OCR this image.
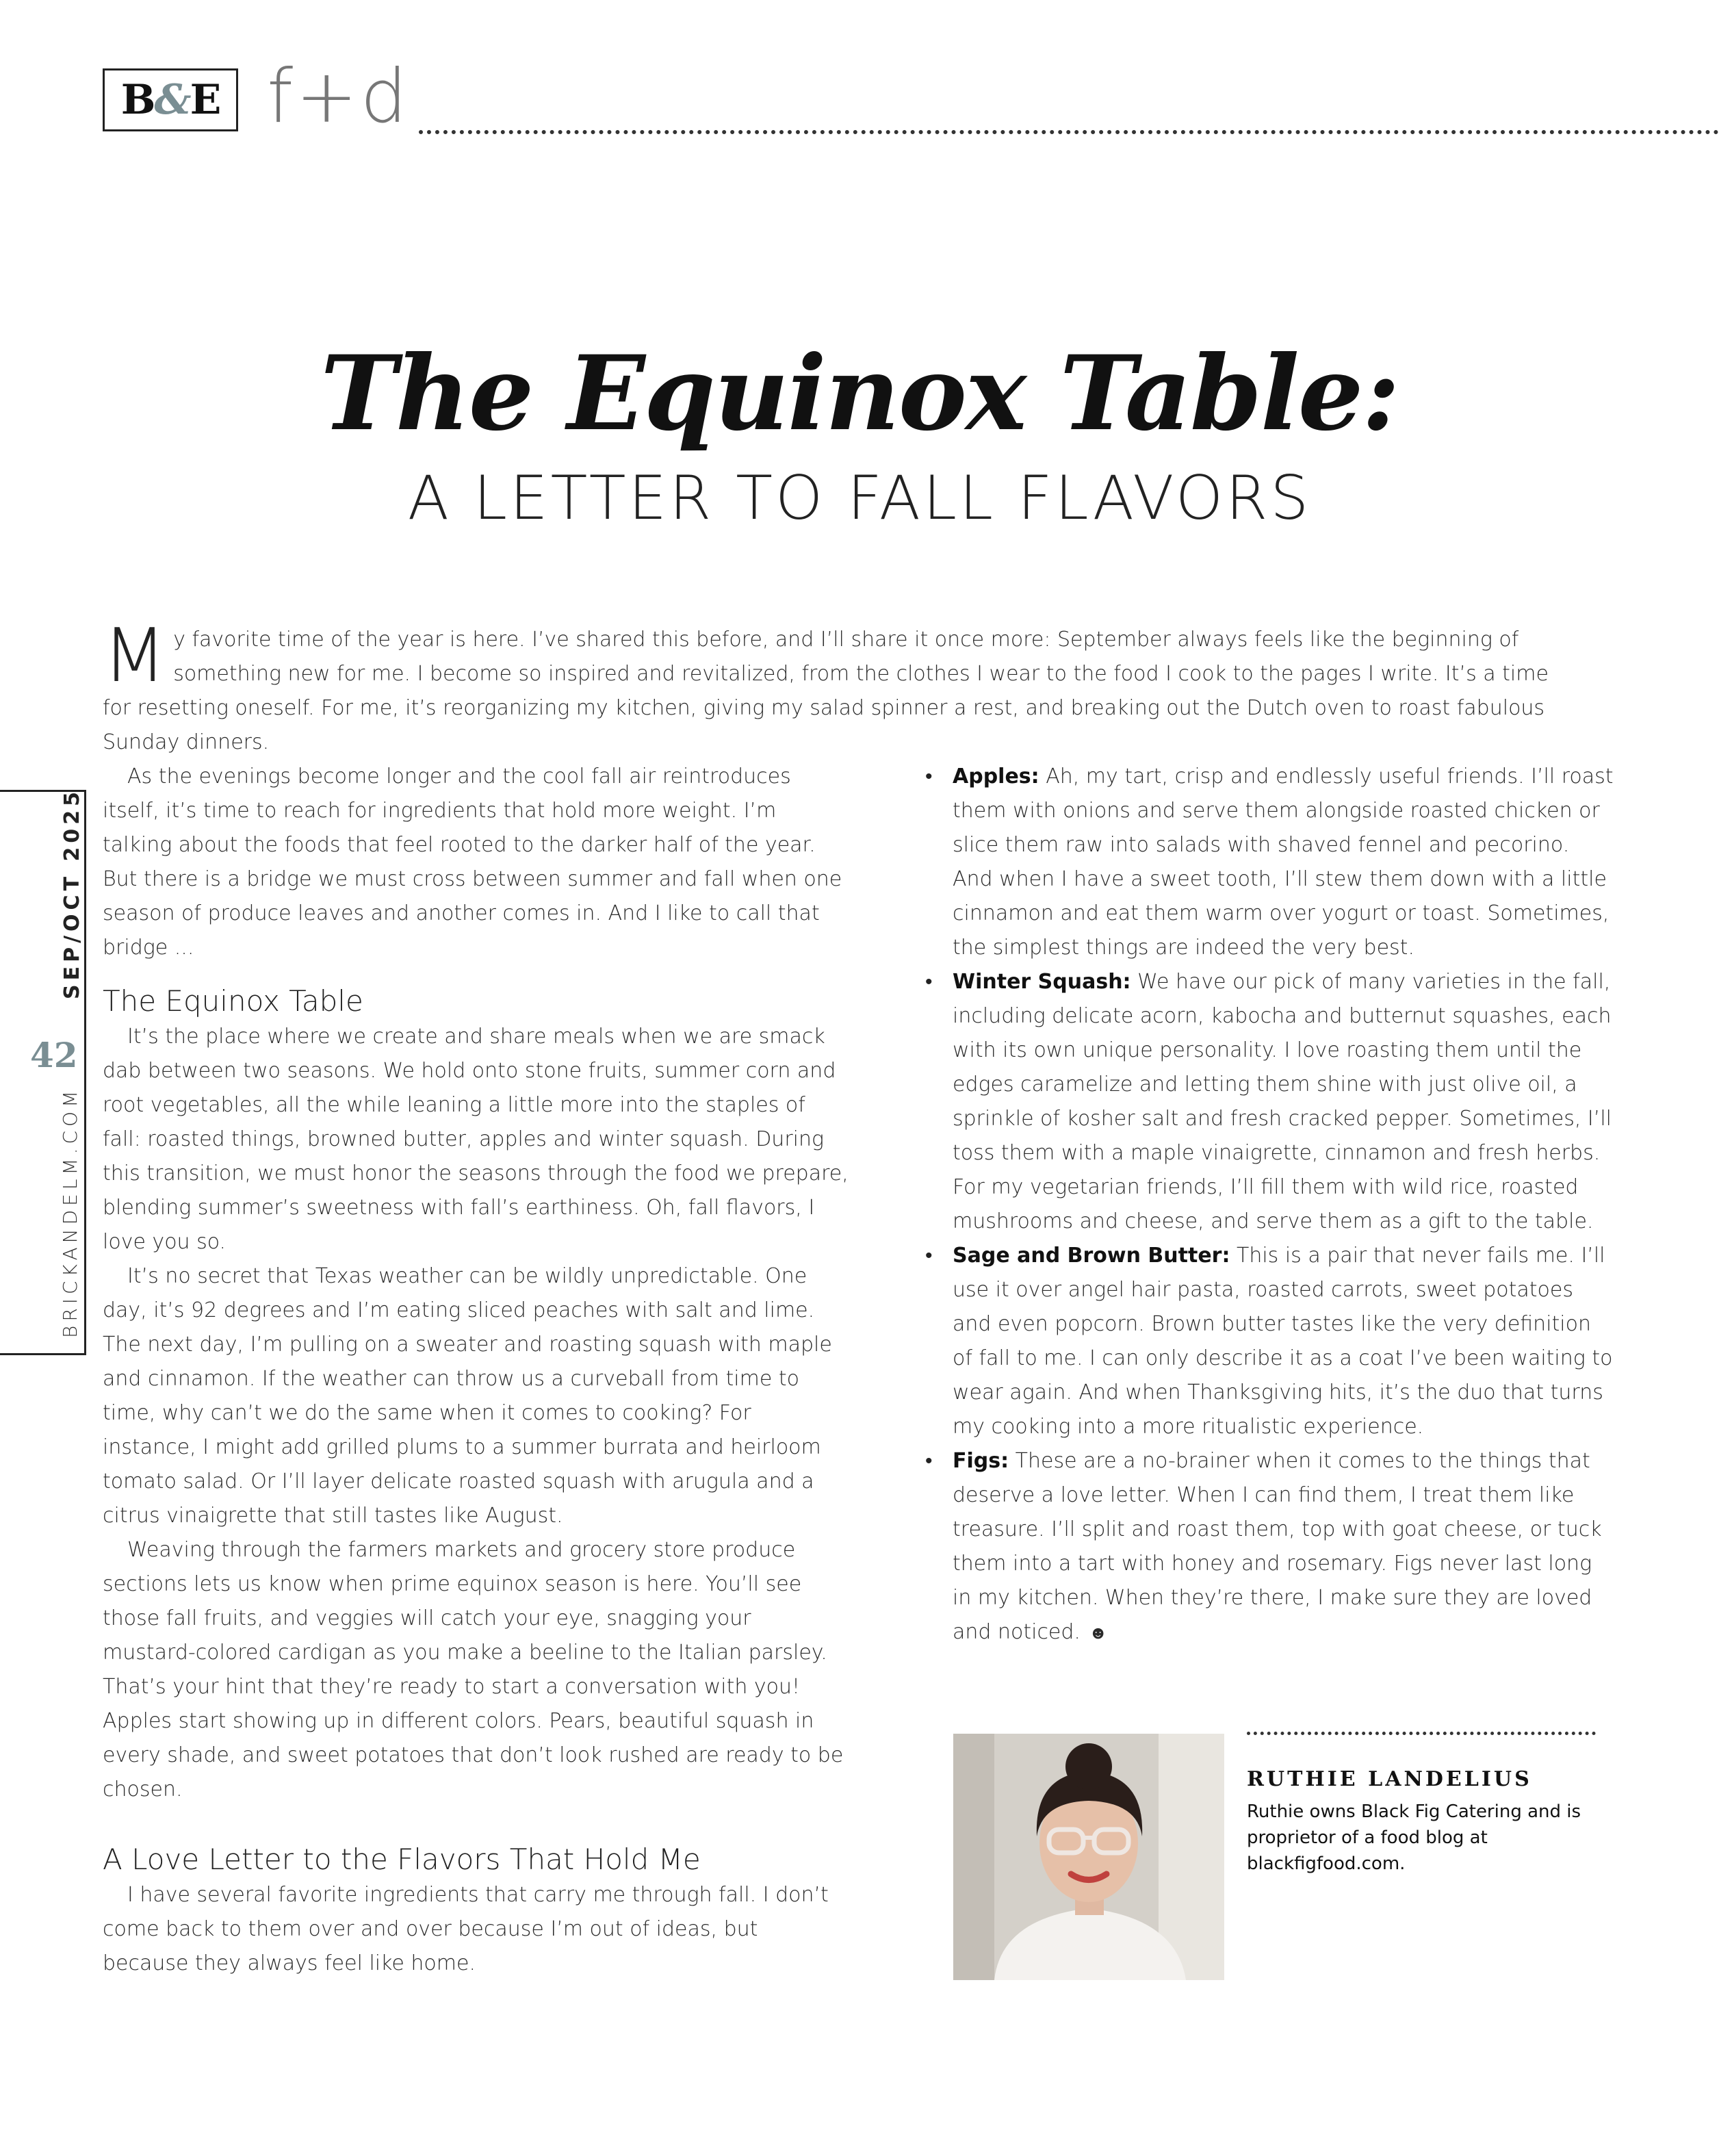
B & E f+d
The Equinox Table:
A LETTER TO FALL FLAVORS
My favorite time of the year is here. I’ve shared this before, and I’ll share it once more: September always feels like the beginning of something new for me. I become so inspired and revitalized, from the clothes I wear to the food I cook to the pages I write. It’s a time for resetting oneself. For me, it’s reorganizing my kitchen, giving my salad spinner a rest, and breaking out the Dutch oven to roast fabulous Sunday dinners.

As the evenings become longer and the cool fall air reintroduces itself, it’s time to reach for ingredients that hold more weight. I’m talking about the foods that feel rooted to the darker half of the year. But there is a bridge we must cross between summer and fall when one season of produce leaves and another comes in. And I like to call that bridge ...

The Equinox Table

It’s the place where we create and share meals when we are smack dab between two seasons. We hold onto stone fruits, summer corn and root vegetables, all the while leaning a little more into the staples of fall: roasted things, browned butter, apples and winter squash. During this transition, we must honor the seasons through the food we prepare, blending summer’s sweetness with fall’s earthiness. Oh, fall flavors, I love you so.

It’s no secret that Texas weather can be wildly unpredictable. One day, it’s 92 degrees and I’m eating sliced peaches with salt and lime. The next day, I’m pulling on a sweater and roasting squash with maple and cinnamon. If the weather can throw us a curveball from time to time, why can’t we do the same when it comes to cooking? For instance, I might add grilled plums to a summer burrata and heirloom tomato salad. Or I’ll layer delicate roasted squash with arugula and a citrus vinaigrette that still tastes like August.

Weaving through the farmers markets and grocery store produce sections lets us know when prime equinox season is here. You’ll see those fall fruits, and veggies will catch your eye, snagging your mustard-colored cardigan as you make a beeline to the Italian parsley. That’s your hint that they’re ready to start a conversation with you! Apples start showing up in different colors. Pears, beautiful squash in every shade, and sweet potatoes that don’t look rushed are ready to be chosen.

A Love Letter to the Flavors That Hold Me

I have several favorite ingredients that carry me through fall. I don’t come back to them over and over because I’m out of ideas, but because they always feel like home.

• Apples: Ah, my tart, crisp and endlessly useful friends. I’ll roast them with onions and serve them alongside roasted chicken or slice them raw into salads with shaved fennel and pecorino. And when I have a sweet tooth, I’ll stew them down with a little cinnamon and eat them warm over yogurt or toast. Sometimes, the simplest things are indeed the very best.
• Winter Squash: We have our pick of many varieties in the fall, including delicate acorn, kabocha and butternut squashes, each with its own unique personality. I love roasting them until the edges caramelize and letting them shine with just olive oil, a sprinkle of kosher salt and fresh cracked pepper. Sometimes, I’ll toss them with a maple vinaigrette, cinnamon and fresh herbs. For my vegetarian friends, I’ll fill them with wild rice, roasted mushrooms and cheese, and serve them as a gift to the table.
• Sage and Brown Butter: This is a pair that never fails me. I’ll use it over angel hair pasta, roasted carrots, sweet potatoes and even popcorn. Brown butter tastes like the very definition of fall to me. I can only describe it as a coat I’ve been waiting to wear again. And when Thanksgiving hits, it’s the duo that turns my cooking into a more ritualistic experience.
• Figs: These are a no-brainer when it comes to the things that deserve a love letter. When I can find them, I treat them like treasure. I’ll split and roast them, top with goat cheese, or tuck them into a tart with honey and rosemary. Figs never last long in my kitchen. When they’re there, I make sure they are loved and noticed. ☻
SEP/OCT 2025
42
BRICKANDELM.COM
RUTHIE LANDELIUS
Ruthie owns Black Fig Catering and is proprietor of a food blog at blackfigfood.com.
